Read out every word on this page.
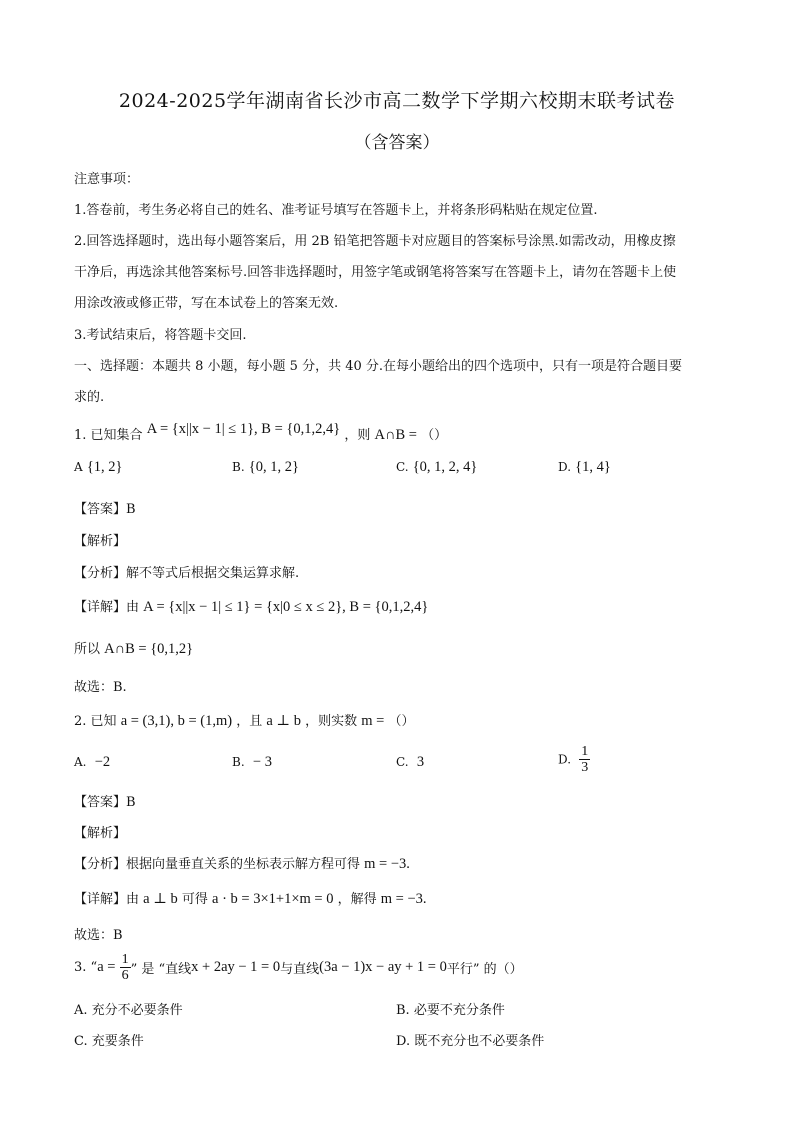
2024-2025学年湖南省长沙市高二数学下学期六校期末联考试卷
（含答案）
注意事项：
1.答卷前，考生务必将自己的姓名、准考证号填写在答题卡上，并将条形码粘贴在规定位置.
2.回答选择题时，选出每小题答案后，用 2B 铅笔把答题卡对应题目的答案标号涂黑.如需改动，用橡皮擦
干净后，再选涂其他答案标号.回答非选择题时，用签字笔或钢笔将答案写在答题卡上，请勿在答题卡上使
用涂改液或修正带，写在本试卷上的答案无效.
3.考试结束后，将答题卡交回.
一、选择题：本题共 8 小题，每小题 5 分，共 40 分.在每小题给出的四个选项中，只有一项是符合题目要
求的.
1. 已知集合 A = {x||x − 1| ≤ 1}, B = {0,1,2,4} ，则 A∩B = （）
A {1, 2}	B. {0, 1, 2}	C. {0, 1, 2, 4}	D. {1, 4}
【答案】B
【解析】
【分析】解不等式后根据交集运算求解.
【详解】由 A = {x||x − 1| ≤ 1} = {x|0 ≤ x ≤ 2}, B = {0,1,2,4}
所以 A∩B = {0,1,2}
故选：B.
2. 已知 a = (3,1), b = (1,m) ，且 a ⊥ b ，则实数 m = （）
A. −2	B. − 3	C. 3	D. $\frac{1}{3}$
【答案】B
【解析】
【分析】根据向量垂直关系的坐标表示解方程可得 m = −3.
【详解】由 a ⊥ b 可得 a · b = 3×1+1×m = 0 ，解得 m = −3.
故选：B
3. “$a = \frac{1}{6}$ ” 是 “直线x + 2ay − 1 = 0与直线(3a − 1)x − ay + 1 = 0平行” 的（）
A. 充分不必要条件	B. 必要不充分条件
C. 充要条件	D. 既不充分也不必要条件
